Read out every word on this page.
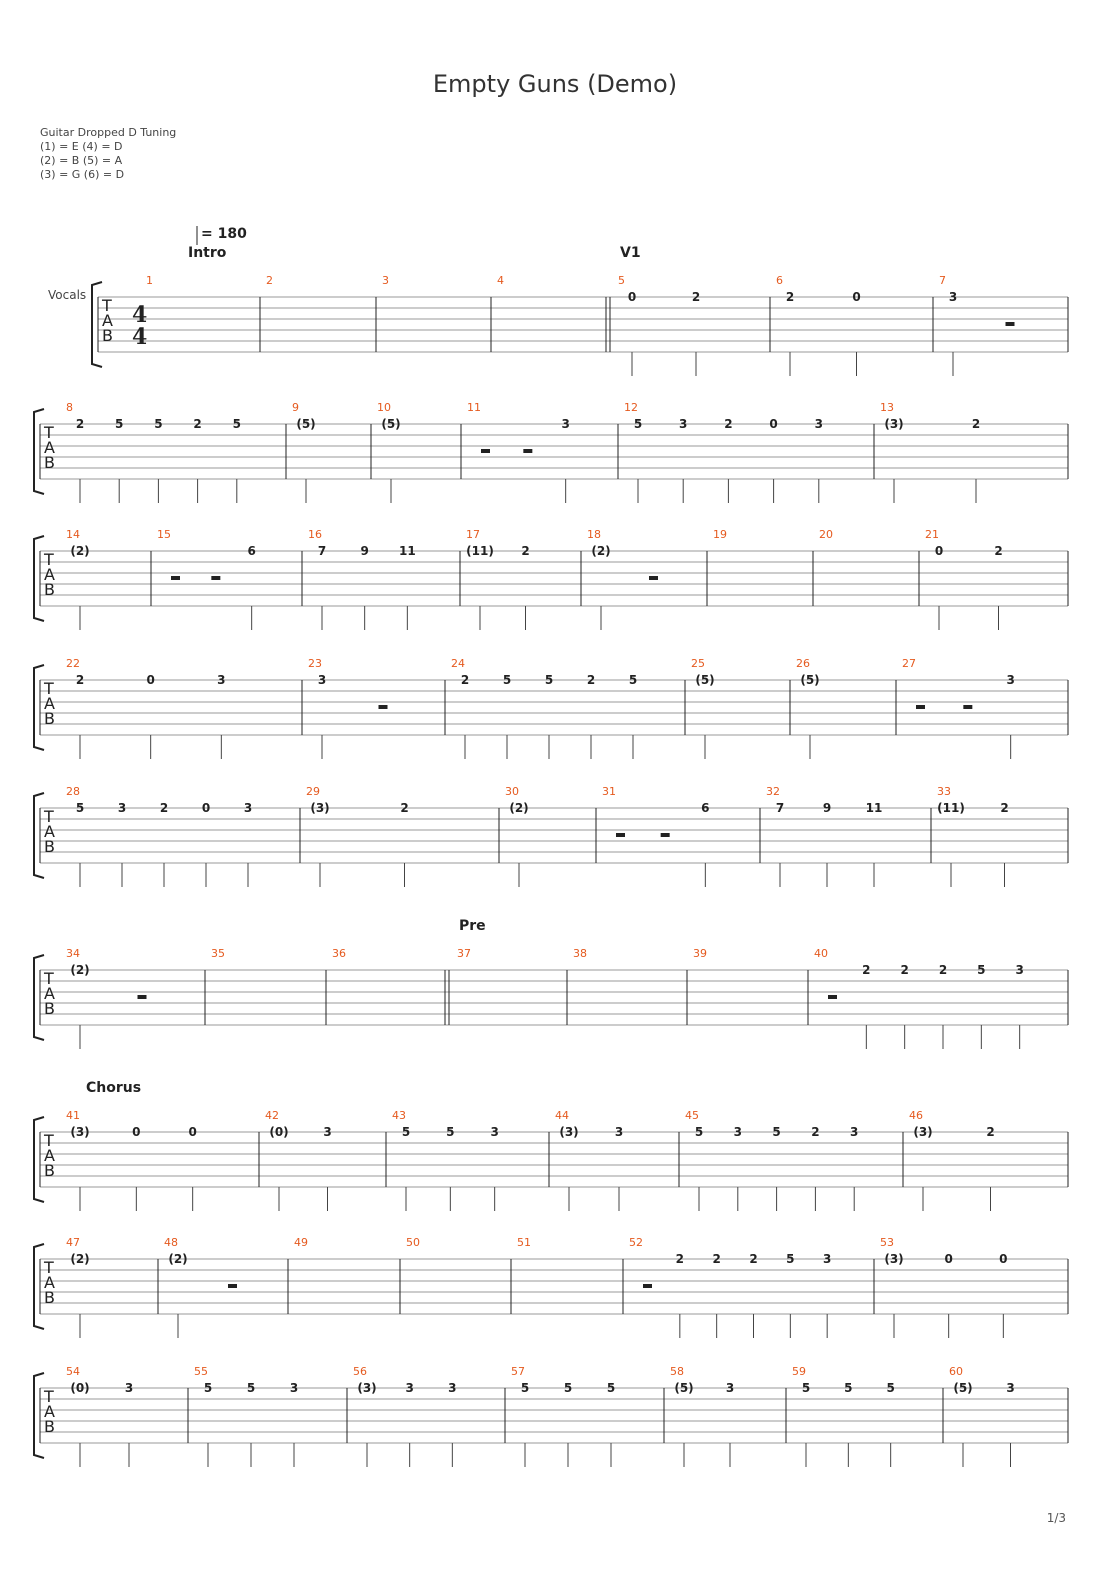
Empty Guns (Demo)
Guitar Dropped D Tuning
(1) = E (4) = D
(2) = B (5) = A
(3) = G (6) = D
1/3
Vocals
= 180
T
A
B
4
4
1	2	3	4	5
0	2
6
2	0
7
3
Intro	V1
T
A
B
8
2	5	5	2	5
9
(5)
10
(5)
11
3
12
5	3	2	0	3
13
(3)	2
T
A
B
14
(2)
15
6
16
7	9	11
17
(11) 2
18
(2)
19	20	21
0	2
T
A
B
22
2	0	3
23
3
24
2	5	5	2	5
25
(5)
26
(5)
27
3
T
A
B
28
5	3	2	0	3
29
(3)	2
30
(2)
31
6
32
7	9	11
33
(11)	2
T
A
B
34
(2)
35	36	37	38	39	40
2 2 2 5 3
Pre
T
A
B
41
(3)	0	0
42
(0)	3
43
5	5	3
44
(3)	3
45
5	3	5	2	3
46
(3)	2
Chorus
T
A
B
47
(2)
48
(2)
49	50	51	52
2 2 2 5 3
53
(3)	0	0
T
A
B
54
(0)	3
55
5	5	3
56
(3) 3	3
57
5	5	5
58
(5)	3
59
5	5	5
60
(5)	3
